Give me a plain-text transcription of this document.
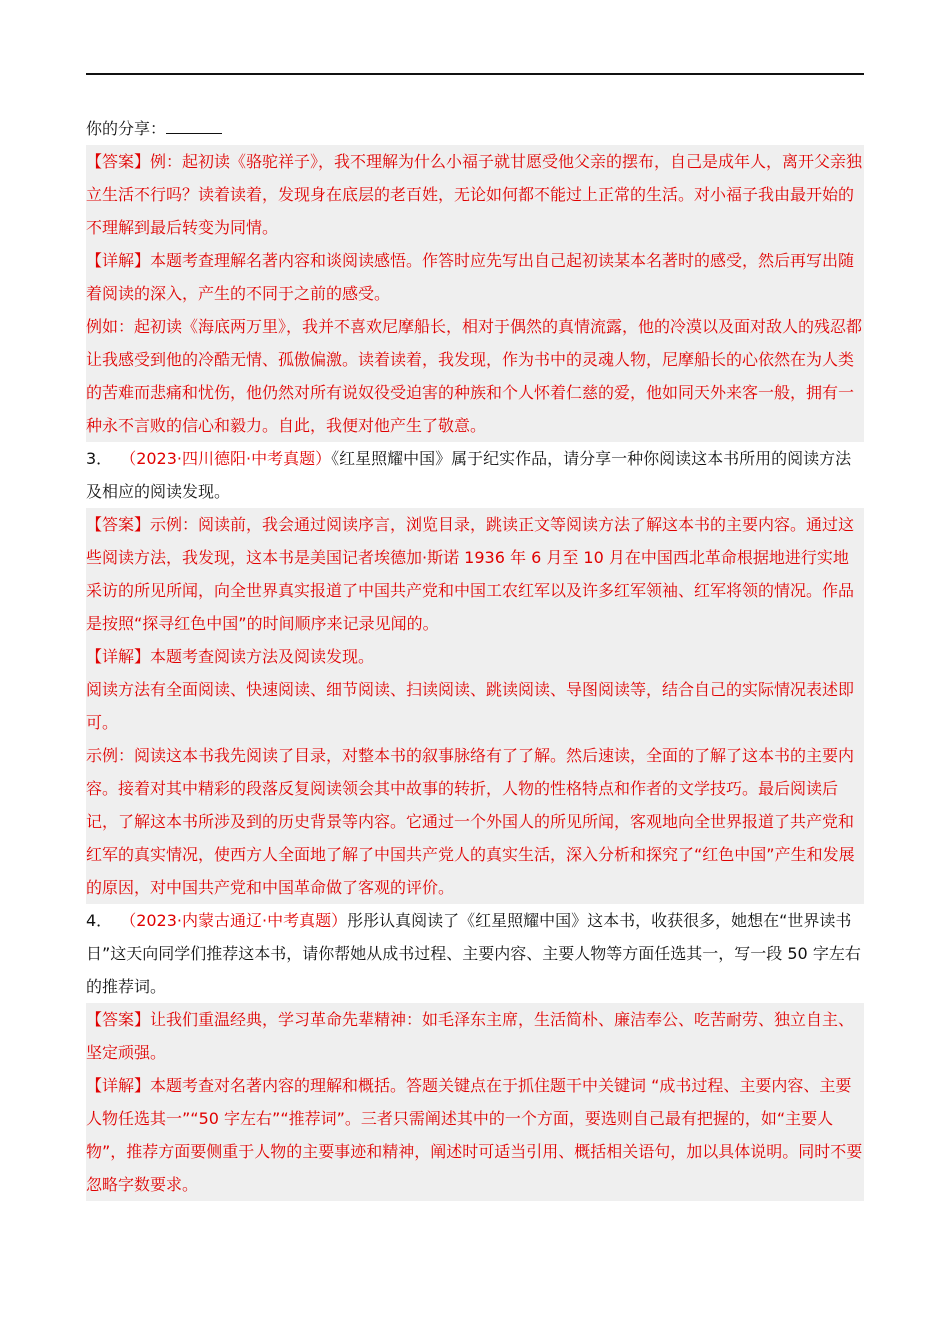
你的分享：

【答案】例：起初读《骆驼祥子》，我不理解为什么小福子就甘愿受他父亲的摆布，自己是成年人，离开父亲独立生活不行吗？读着读着，发现身在底层的老百姓，无论如何都不能过上正常的生活。对小福子我由最开始的不理解到最后转变为同情。

【详解】本题考查理解名著内容和谈阅读感悟。作答时应先写出自己起初读某本名著时的感受，然后再写出随着阅读的深入，产生的不同于之前的感受。

例如：起初读《海底两万里》，我并不喜欢尼摩船长，相对于偶然的真情流露，他的冷漠以及面对敌人的残忍都让我感受到他的冷酷无情、孤傲偏激。读着读着，我发现，作为书中的灵魂人物，尼摩船长的心依然在为人类 的苦难而悲痛和忧伤，他仍然对所有说奴役受迫害的种族和个人怀着仁慈的爱，他如同天外来客一般，拥有一种永不言败的信心和毅力。自此，我便对他产生了敬意。

3． （2023·四川德阳·中考真题）《红星照耀中国》属于纪实作品，请分享一种你阅读这本书所用的阅读方法及相应的阅读发现。

【答案】示例：阅读前，我会通过阅读序言，浏览目录，跳读正文等阅读方法了解这本书的主要内容。通过这些阅读方法，我发现，这本书是美国记者埃德加·斯诺 1936 年 6 月至 10 月在中国西北革命根据地进行实地采访的所见所闻，向全世界真实报道了中国共产党和中国工农红军以及许多红军领袖、红军将领的情况。作品是按照“探寻红色中国”的时间顺序来记录见闻的。

【详解】本题考查阅读方法及阅读发现。

阅读方法有全面阅读、快速阅读、细节阅读、扫读阅读、跳读阅读、导图阅读等，结合自己的实际情况表述即可。

示例：阅读这本书我先阅读了目录，对整本书的叙事脉络有了了解。然后速读，全面的了解了这本书的主要内容。接着对其中精彩的段落反复阅读领会其中故事的转折，人物的性格特点和作者的文学技巧。最后阅读后记，了解这本书所涉及到的历史背景等内容。它通过一个外国人的所见所闻，客观地向全世界报道了共产党和红军的真实情况，使西方人全面地了解了中国共产党人的真实生活，深入分析和探究了“红色中国”产生和发展的原因，对中国共产党和中国革命做了客观的评价。

4． （2023·内蒙古通辽·中考真题）彤彤认真阅读了《红星照耀中国》这本书，收获很多，她想在“世界读书日”这天向同学们推荐这本书，请你帮她从成书过程、主要内容、主要人物等方面任选其一，写一段 50 字左右的推荐词。

【答案】让我们重温经典，学习革命先辈精神：如毛泽东主席，生活简朴、廉洁奉公、吃苦耐劳、独立自主、坚定顽强。

【详解】本题考查对名著内容的理解和概括。答题关键点在于抓住题干中关键词 “成书过程、主要内容、主要人物任选其一”“50 字左右”“推荐词”。三者只需阐述其中的一个方面，要选则自己最有把握的，如“主要人物”，推荐方面要侧重于人物的主要事迹和精神，阐述时可适当引用、概括相关语句，加以具体说明。同时不要忽略字数要求。
